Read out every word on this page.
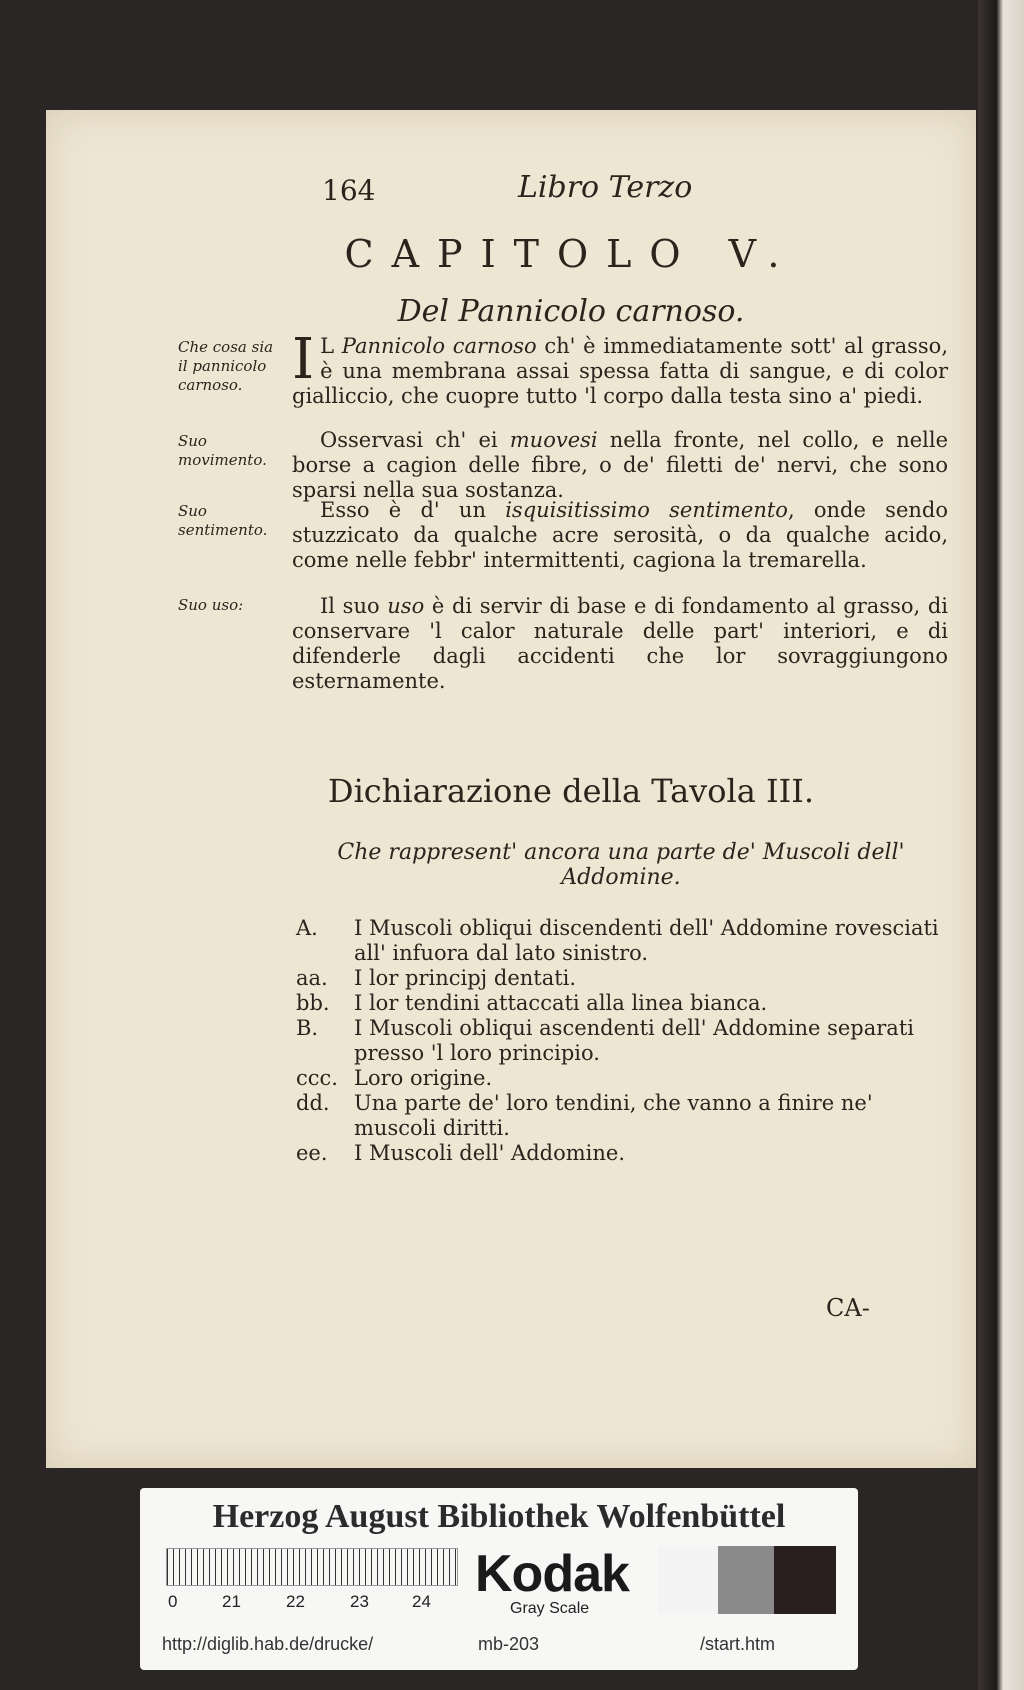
164	Libro Terzo
CAPITOLO V.
Del Pannicolo carnoso.
Che cosa sia il pannicolo carnoso.
Suo movimento.
Suo sentimento.
Suo uso:
I L Pannicolo carnoso ch' è immediatamente sott' al grasso, è una membrana assai spessa fatta di sangue, e di color gialliccio, che cuopre tutto 'l corpo dalla testa sino a' piedi.
Osservasi ch' ei muovesi nella fronte, nel collo, e nelle borse a cagion delle fibre, o de' filetti de' nervi, che sono sparsi nella sua sostanza.
Esso è d' un isquisitissimo sentimento, onde sendo stuzzicato da qualche acre serosità, o da qualche acido, come nelle febbr' intermittenti, cagiona la tremarella.
Il suo uso è di servir di base e di fondamento al grasso, di conservare 'l calor naturale delle part' interiori, e di difenderle dagli accidenti che lor sovraggiungono esternamente.
Dichiarazione della Tavola III.
Che rappresent' ancora una parte de' Muscoli dell' Addomine.
A.	I Muscoli obliqui discendenti dell' Addomine rovesciati all' infuora dal lato sinistro.
aa.	I lor principj dentati.
bb.	I lor tendini attaccati alla linea bianca.
B.	I Muscoli obliqui ascendenti dell' Addomine separati presso 'l loro principio.
ccc. Loro origine.
dd.	Una parte de' loro tendini, che vanno a finire ne' muscoli diritti.
ee.	I Muscoli dell' Addomine.
CA-
Herzog August Bibliothek Wolfenbüttel
0	21	22	23	24 Kodak
Gray Scale
http://diglib.hab.de/drucke/	mb-203	/start.htm
